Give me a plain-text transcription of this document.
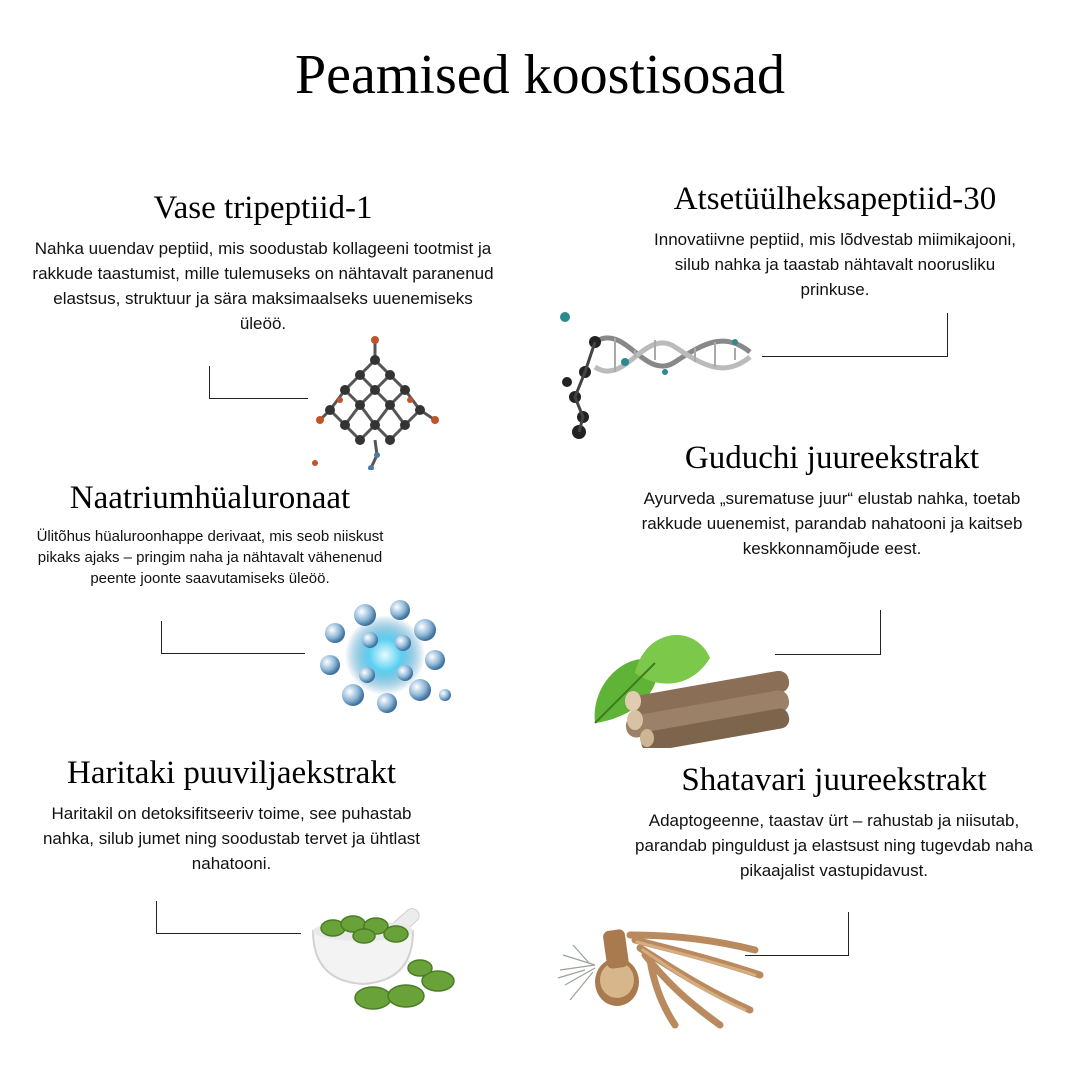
Peamised koostisosad
Vase tripeptiid-1

Nahka uuendav peptiid, mis soodustab kollageeni tootmist ja rakkude taastumist, mille tulemuseks on nähtavalt paranenud elastsus, struktuur ja sära maksimaalseks uuenemiseks üleöö.

Atsetüülheksapeptiid-30

Innovatiivne peptiid, mis lõdvestab miimikajooni, silub nahka ja taastab nähtavalt noorusliku prinkuse.

Naatriumhüaluronaat

Ülitõhus hüaluroonhappe derivaat, mis seob niiskust pikaks ajaks – pringim naha ja nähtavalt vähenenud peente joonte saavutamiseks üleöö.

Guduchi juureekstrakt

Ayurveda „surematuse juur“ elustab nahka, toetab rakkude uuenemist, parandab nahatooni ja kaitseb keskkonnamõjude eest.

Haritaki puuviljaekstrakt

Haritakil on detoksifitseeriv toime, see puhastab nahka, silub jumet ning soodustab tervet ja ühtlast nahatooni.

Shatavari juureekstrakt

Adaptogeenne, taastav ürt – rahustab ja niisutab, parandab pinguldust ja elastsust ning tugevdab naha pikaajalist vastupidavust.
